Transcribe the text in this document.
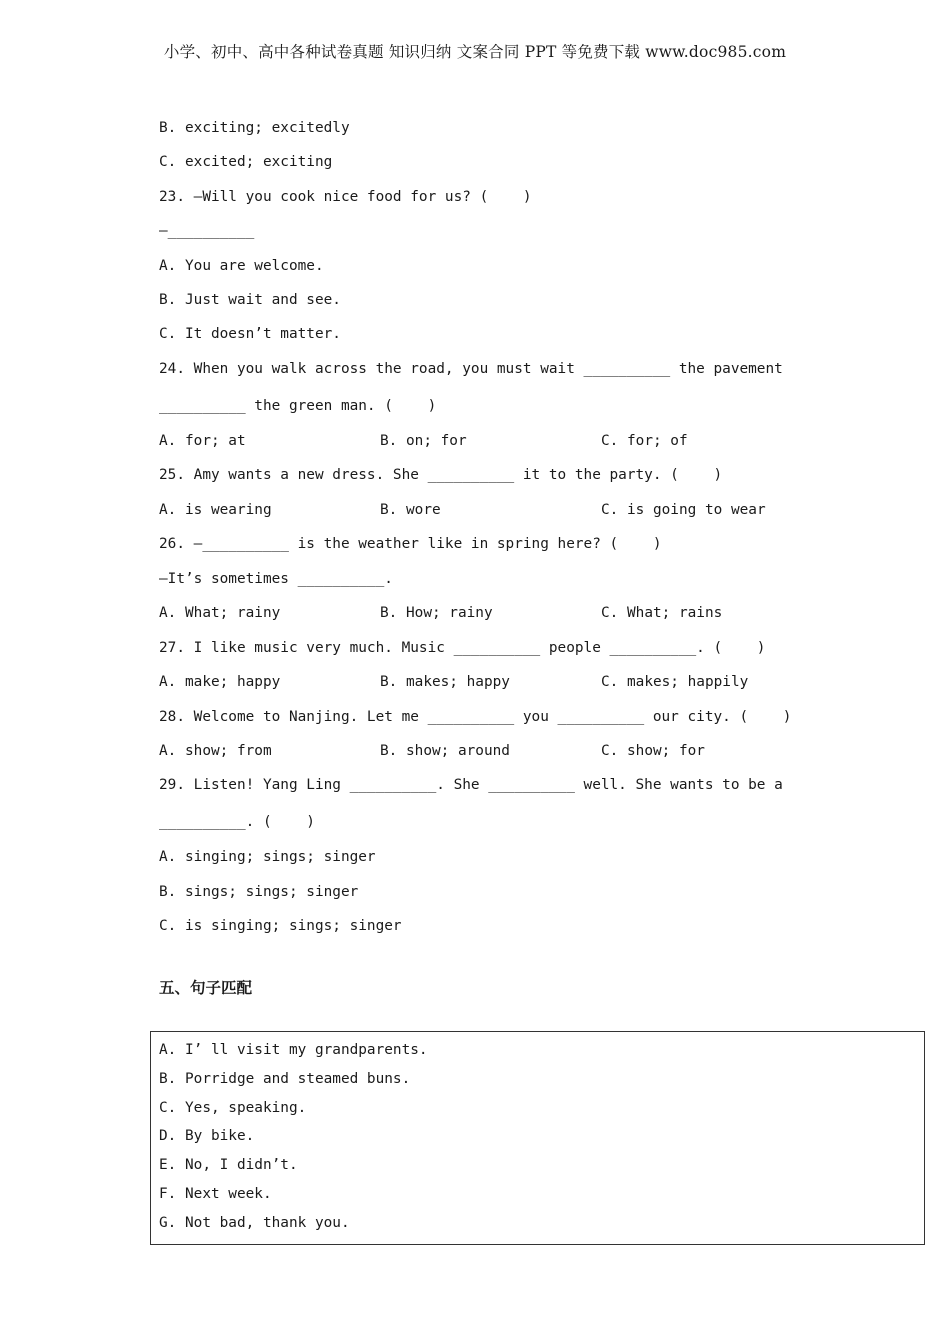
小学、初中、高中各种试卷真题 知识归纳 文案合同 PPT 等免费下载 www.doc985.com
B. exciting; excitedly
C. excited; exciting
23. —Will you cook nice food for us? (    )
—__________
A. You are welcome.
B. Just wait and see.
C. It doesn’t matter.
24. When you walk across the road, you must wait __________ the pavement
__________ the green man. (    )
A. for; at	B. on; for	C. for; of
25. Amy wants a new dress. She __________ it to the party. (    )
A. is wearing	B. wore	C. is going to wear
26. —__________ is the weather like in spring here? (    )
—It’s sometimes __________.
A. What; rainy	B. How; rainy	C. What; rains
27. I like music very much. Music __________ people __________. (    )
A. make; happy	B. makes; happy	C. makes; happily
28. Welcome to Nanjing. Let me __________ you __________ our city. (    )
A. show; from	B. show; around	C. show; for
29. Listen! Yang Ling __________. She __________ well. She wants to be a
__________. (    )
A. singing; sings; singer
B. sings; sings; singer
C. is singing; sings; singer
五、句子匹配
A. I’ ll visit my grandparents.
B. Porridge and steamed buns.
C. Yes, speaking.
D. By bike.
E. No, I didn’t.
F. Next week.
G. Not bad, thank you.
